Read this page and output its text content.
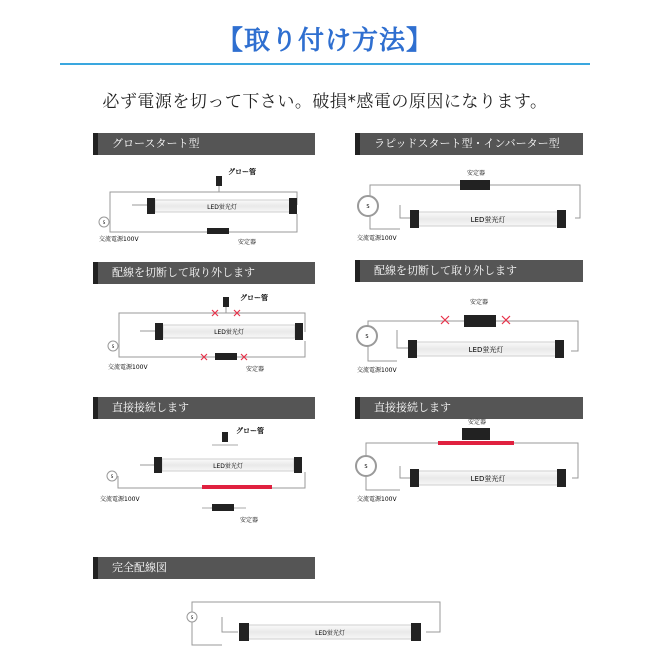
【取り付け方法】
必ず電源を切って下さい。破損*感電の原因になります。
グロースタート型	ラピッドスタート型・インバーター型
配線を切断して取り外します	配線を切断して取り外します
直接接続します	直接接続します
完全配線図
グロー管
LED蛍光灯
安定器
S
交流電源100V
安定器
LED蛍光灯
S
交流電源100V
グロー管
LED蛍光灯
安定器
S
交流電源100V
安定器
LED蛍光灯
S
交流電源100V
グロー管
LED蛍光灯
安定器
S
交流電源100V
安定器
LED蛍光灯
S
交流電源100V
LED蛍光灯
S
